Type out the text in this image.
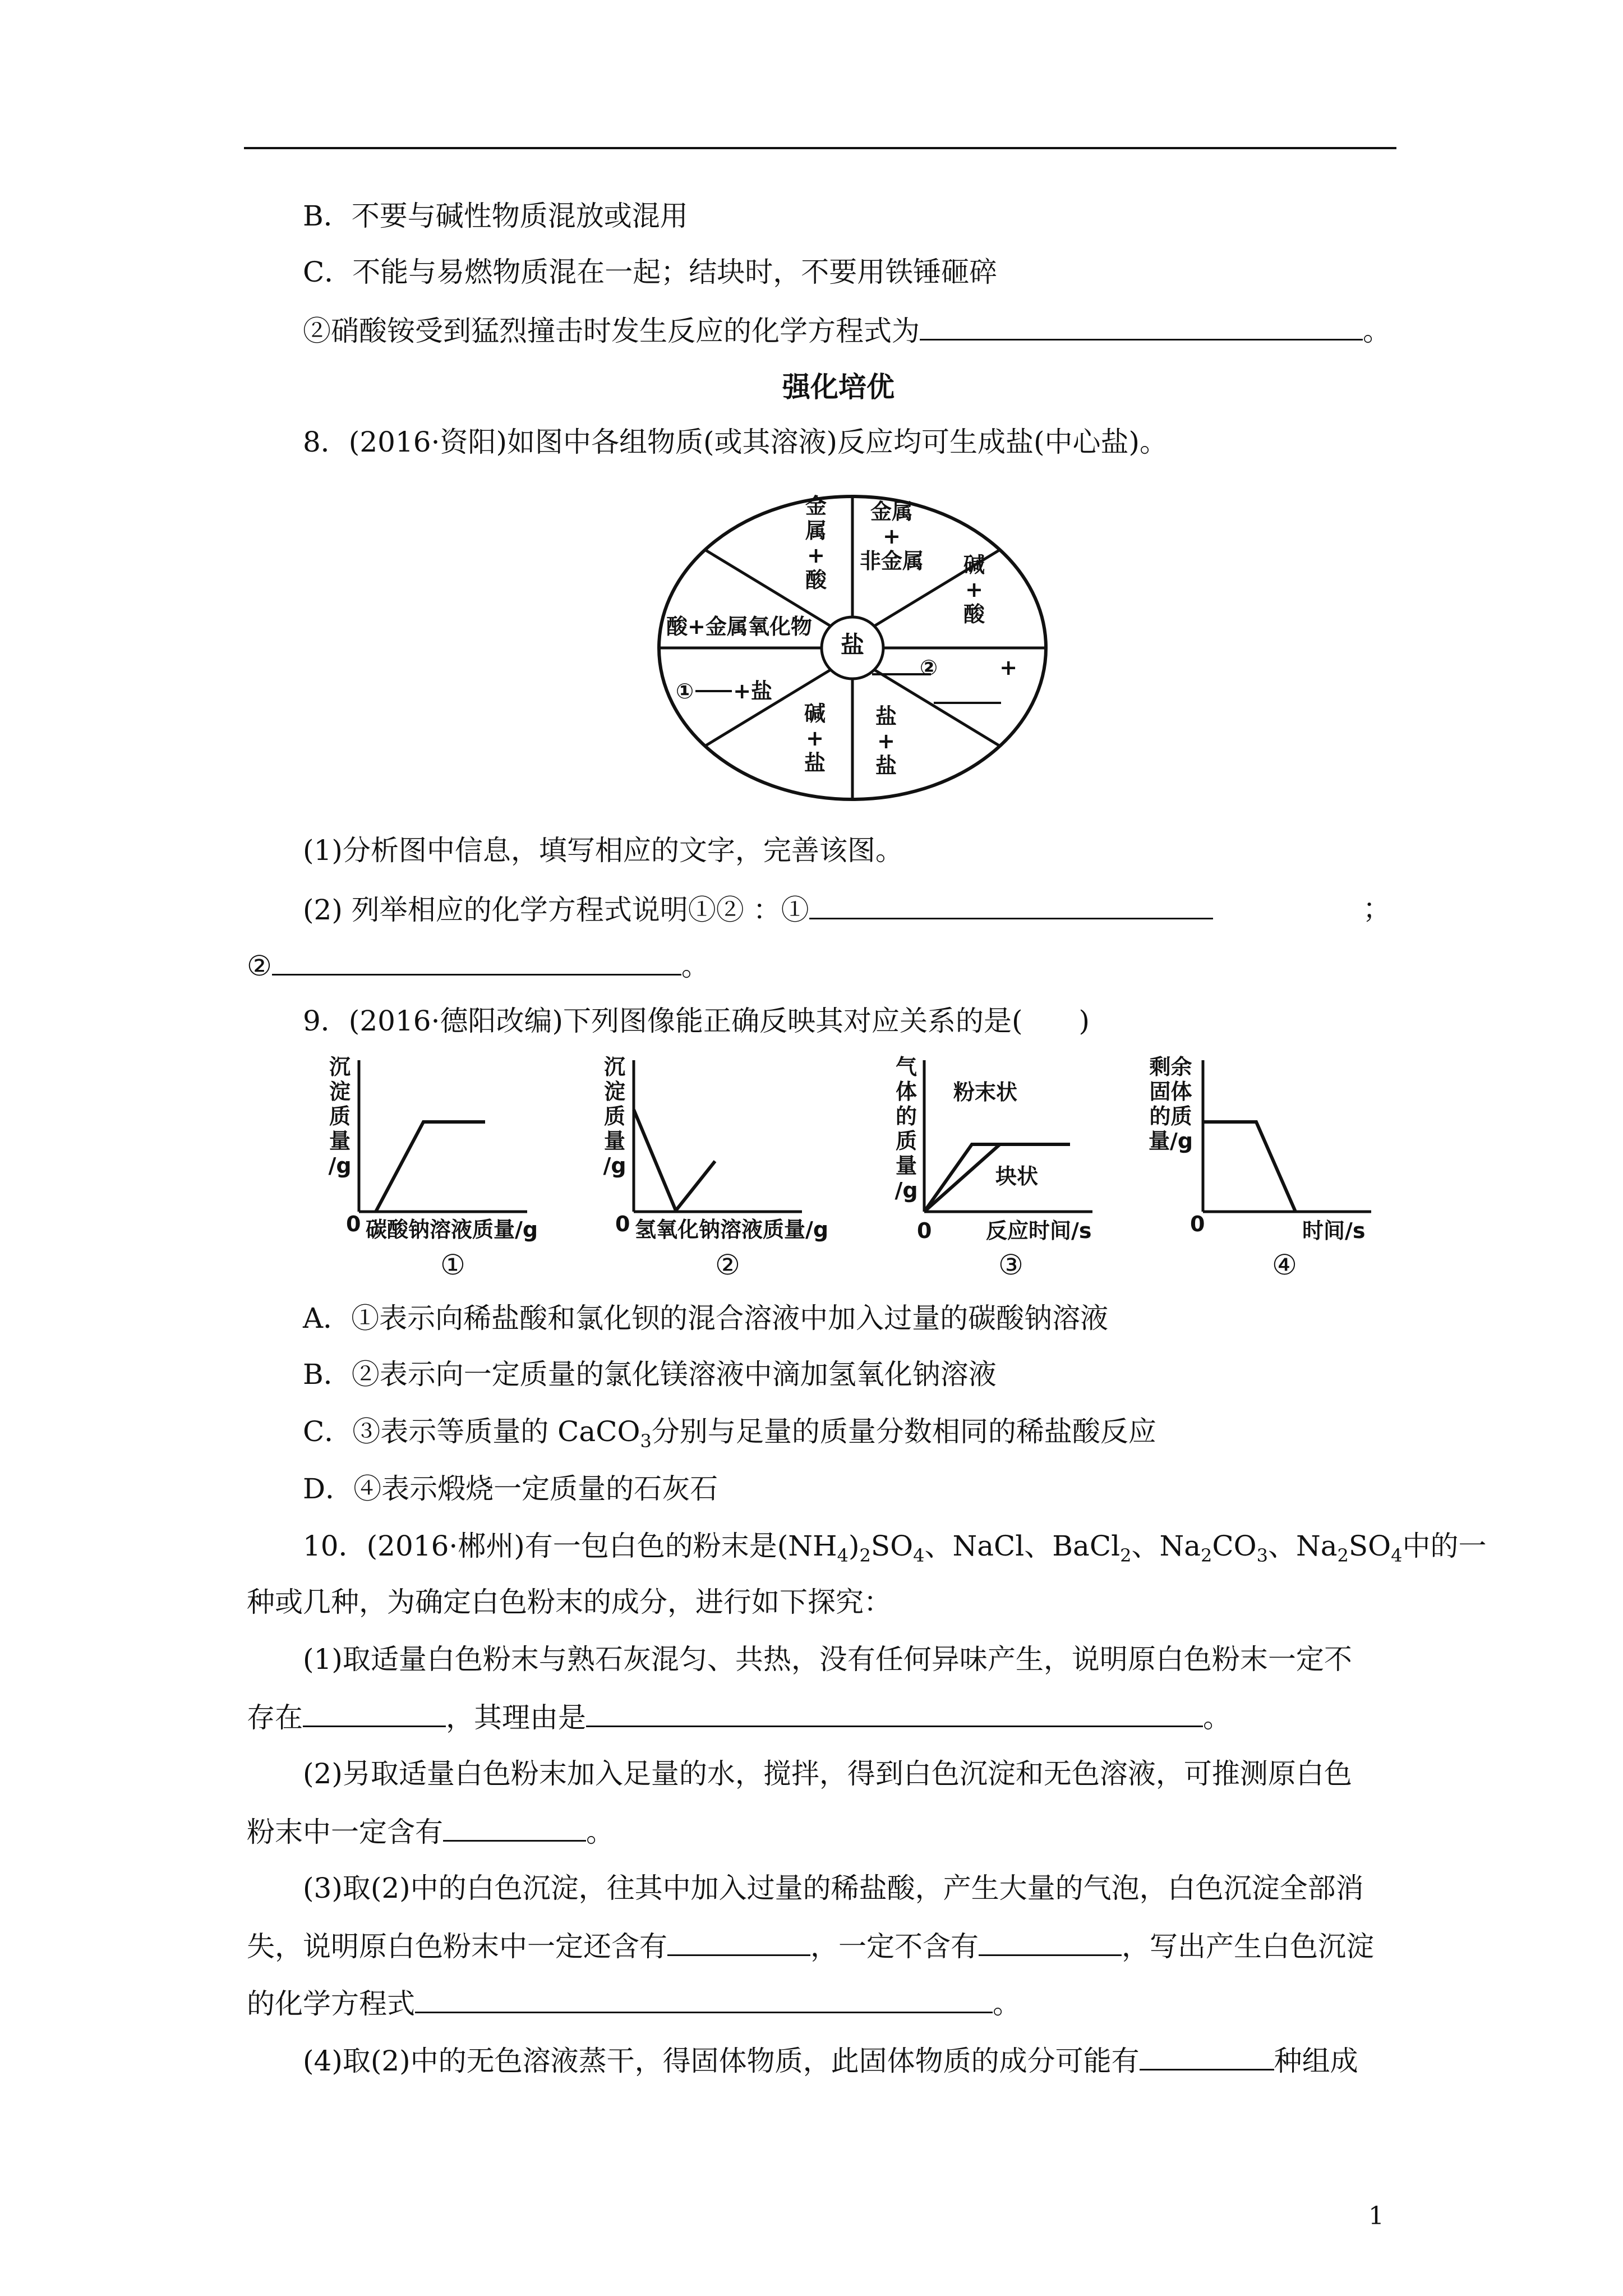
B．不要与碱性物质混放或混用
C．不能与易燃物质混在一起；结块时，不要用铁锤砸碎
②硝酸铵受到猛烈撞击时发生反应的化学方程式为	。
强化培优
8．(2016·资阳)如图中各组物质(或其溶液)反应均可生成盐(中心盐)。
盐
金
属
+
酸
金属
+
非金属 碱
+
酸
酸+金属氧化物
① +盐
②	+
碱
+
盐
盐
+
盐
(1)分析图中信息，填写相应的文字，完善该图。
(2) 列举相应的化学方程式说明①② ：①	；
②	。
9．(2016·德阳改编)下列图像能正确反映其对应关系的是(　　)
沉
淀
质
量
/g
0 碳酸钠溶液质量/g
①
沉
淀
质
量
/g
0 氢氧化钠溶液质量/g
②
气
体
的
质
量
/g
粉末状
块状
0	反应时间/s
③
剩余
固体
的质
量/g
0	时间/s
④
A．①表示向稀盐酸和氯化钡的混合溶液中加入过量的碳酸钠溶液
B．②表示向一定质量的氯化镁溶液中滴加氢氧化钠溶液
C．③表示等质量的 CaCO$_3$分别与足量的质量分数相同的稀盐酸反应
D．④表示煅烧一定质量的石灰石
10．(2016·郴州)有一包白色的粉末是$(NH_4)_2SO_4$、NaCl、BaCl$_2$、$Na_2CO_3$、$Na_2SO_4$中的一
种或几种，为确定白色粉末的成分，进行如下探究：
(1)取适量白色粉末与熟石灰混匀、共热，没有任何异味产生，说明原白色粉末一定不
存在	，其理由是	。
(2)另取适量白色粉末加入足量的水，搅拌，得到白色沉淀和无色溶液，可推测原白色
粉末中一定含有	。
(3)取(2)中的白色沉淀，往其中加入过量的稀盐酸，产生大量的气泡，白色沉淀全部消
失，说明原白色粉末中一定还含有	，一定不含有	，写出产生白色沉淀
的化学方程式	。
(4)取(2)中的无色溶液蒸干，得固体物质，此固体物质的成分可能有	种组成
1
